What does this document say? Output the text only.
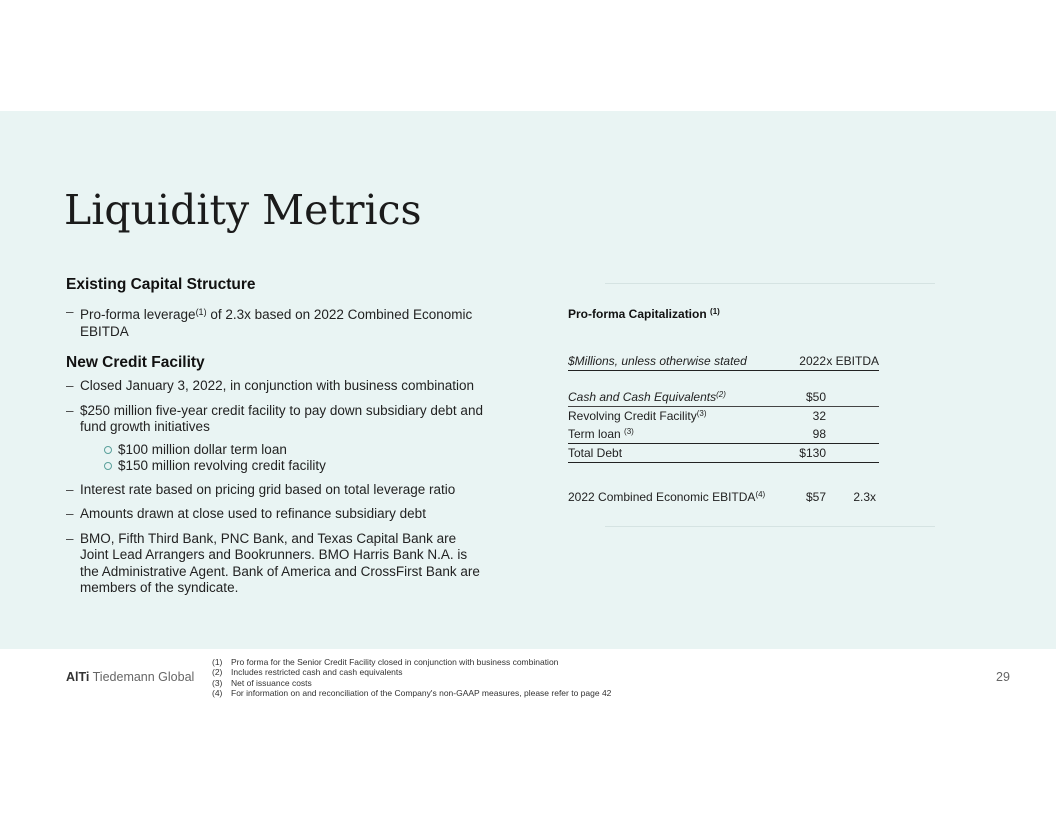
Liquidity Metrics
Existing Capital Structure
– Pro-forma leverage$^{(1)}$ of 2.3x based on 2022 Combined Economic EBITDA
New Credit Facility
– Closed January 3, 2022, in conjunction with business combination
– $250 million five-year credit facility to pay down subsidiary debt and fund growth initiatives
$100 million dollar term loan
$150 million revolving credit facility
– Interest rate based on pricing grid based on total leverage ratio
– Amounts drawn at close used to refinance subsidiary debt
– BMO, Fifth Third Bank, PNC Bank, and Texas Capital Bank are Joint Lead Arrangers and Bookrunners. BMO Harris Bank N.A. is the Administrative Agent. Bank of America and CrossFirst Bank are members of the syndicate.
Pro-forma Capitalization $^{(1)}$
$Millions, unless otherwise stated	2022 x EBITDA
Cash and Cash Equivalents$^{(2)}$	$50
Revolving Credit Facility$^{(3)}$	32
Term loan $^{(3)}$	98
Total Debt	$130
2022 Combined Economic EBITDA$^{(4)}$	$57 2.3x
AlTi Tiedemann Global
(1) Pro forma for the Senior Credit Facility closed in conjunction with business combination
(2) Includes restricted cash and cash equivalents
(3) Net of issuance costs
(4) For information on and reconciliation of the Company's non-GAAP measures, please refer to page 42
29
